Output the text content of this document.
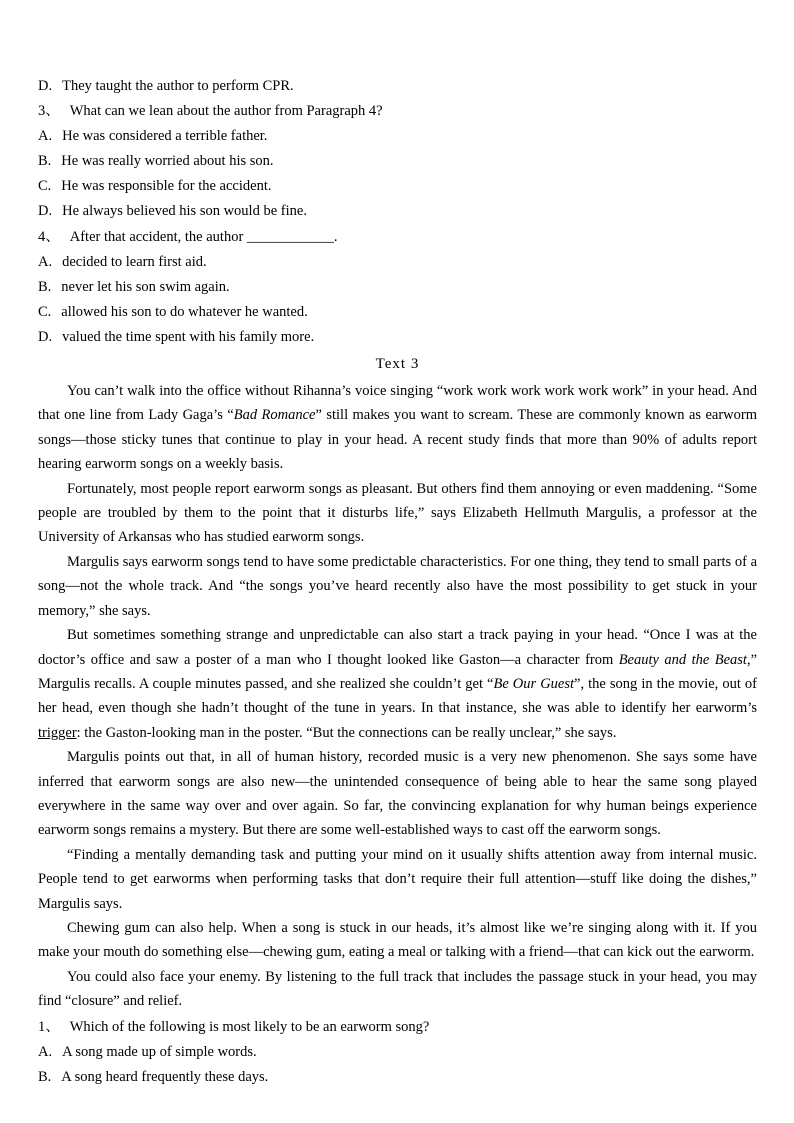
D. They taught the author to perform CPR.
3、 What can we lean about the author from Paragraph 4?
A. He was considered a terrible father.
B. He was really worried about his son.
C. He was responsible for the accident.
D. He always believed his son would be fine.
4、 After that accident, the author ____________.
A. decided to learn first aid.
B. never let his son swim again.
C. allowed his son to do whatever he wanted.
D. valued the time spent with his family more.
Text 3

You can’t walk into the office without Rihanna’s voice singing “work work work work work work” in your head. And that one line from Lady Gaga’s “Bad Romance” still makes you want to scream. These are commonly known as earworm songs—those sticky tunes that continue to play in your head. A recent study finds that more than 90% of adults report hearing earworm songs on a weekly basis.

Fortunately, most people report earworm songs as pleasant. But others find them annoying or even maddening. “Some people are troubled by them to the point that it disturbs life,” says Elizabeth Hellmuth Margulis, a professor at the University of Arkansas who has studied earworm songs.

Margulis says earworm songs tend to have some predictable characteristics. For one thing, they tend to small parts of a song—not the whole track. And “the songs you’ve heard recently also have the most possibility to get stuck in your memory,” she says.

But sometimes something strange and unpredictable can also start a track paying in your head. “Once I was at the doctor’s office and saw a poster of a man who I thought looked like Gaston—a character from Beauty and the Beast,” Margulis recalls. A couple minutes passed, and she realized she couldn’t get “Be Our Guest”, the song in the movie, out of her head, even though she hadn’t thought of the tune in years. In that instance, she was able to identify her earworm’s trigger: the Gaston-looking man in the poster. “But the connections can be really unclear,” she says.

Margulis points out that, in all of human history, recorded music is a very new phenomenon. She says some have inferred that earworm songs are also new—the unintended consequence of being able to hear the same song played everywhere in the same way over and over again. So far, the convincing explanation for why human beings experience earworm songs remains a mystery. But there are some well-established ways to cast off the earworm songs.

“Finding a mentally demanding task and putting your mind on it usually shifts attention away from internal music. People tend to get earworms when performing tasks that don’t require their full attention—stuff like doing the dishes,” Margulis says.

Chewing gum can also help. When a song is stuck in our heads, it’s almost like we’re singing along with it. If you make your mouth do something else—chewing gum, eating a meal or talking with a friend—that can kick out the earworm.

You could also face your enemy. By listening to the full track that includes the passage stuck in your head, you may find “closure” and relief.

1、 Which of the following is most likely to be an earworm song?
A. A song made up of simple words.
B. A song heard frequently these days.
